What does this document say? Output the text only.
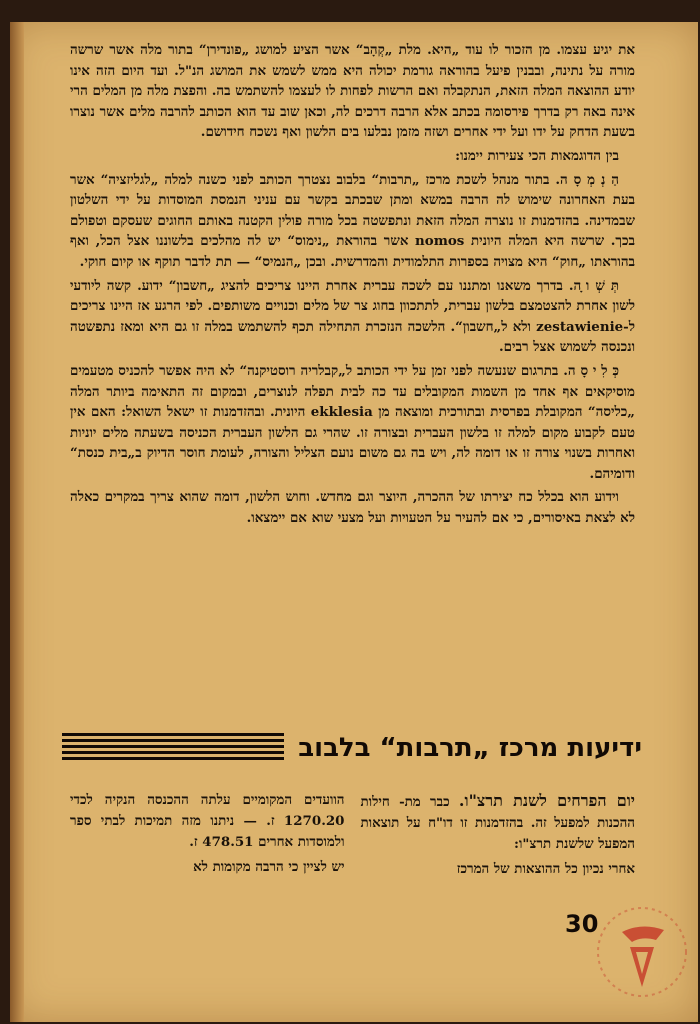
את יגיע עצמו. מן הזכור לו עוד „היא. מלת „קְהָב“ אשר הציע למושג „פונדירן“ בתור מלה אשר שרשה מורה על נתינה, ובבנין פיעל בהוראה גורמת יכולה היא ממש לשמש את המושג הנ"ל. ועד היום הזה אינו יודע ההוצאה המלה הזאת, הנתקבלה ואם הרשות לפחות לו לעצמו להשתמש בה. והפצת מלה מן המלים הרי אינה באה רק בדרך פירסומה בכתב אלא הרבה דרכים לה, וכאן שוב עד הוא הכותב להרבה מלים אשר נוצרו בשעת הדחק על ידו ועל ידי אחרים ושזה מזמן נבלעו בים הלשון ואף נשכח חידושם.

בין הדוגמאות הכי צעירות יימנו:

הַ נְ מְ סָ ה. בתור מנהל לשכת מרכז „תרבות“ בלבוב נצטרך הכותב לפני כשנה למלה „לגליזציה“ אשר בעת האחרונה שימוש לה הרבה במשא ומתן שבכתב בקשר עם עניני הנמסת המוסדות על ידי השלטון שבמדינה. בהזדמנות זו נוצרה המלה הזאת ונתפשטה בכל מורה פולין הקטנה באותם החוגים שעסקם וטפולם בכך. שרשה היא המלה היונית nomos אשר בהוראת „נימוס“ יש לה מהלכים בלשוננו אצל הכל, ואף בהוראתו „חוק“ היא מצויה בספרות התלמודית והמדרשית. ובכן „הנמיס“ — תת לדבר תוקף או קיום חוקי.

תְּ שְׁ ו ָה. בדרך משאנו ומתננו עם לשכה עברית אחרת היינו צריכים להציג „חשבון“ ידוע. קשה ליודעי לשון אחרת להצטמצם בלשון עברית, לתתכוון בחוג צר של מלים וכנויים משותפים. לפי הרגע אז היינו צריכים ל-zestawienie ולא ל„חשבון“. הלשכה הנזכרת התחילה תכף להשתמש במלה זו גם היא ומאז נתפשטה ונכנסה לשמוש אצל רבים.

כְּ לִ י סָ ה. בתרגום שנעשה לפני זמן על ידי הכותב ל„קבלריה רוסטיקנה“ לא היה אפשר להכניס מטעמים מוסיקאים אף אחד מן השמות המקובלים עד כה לבית תפלה לנוצרים, ובמקום זה התאימה ביותר המלה „כליסה“ המקובלת בפרסית ובתורכית ומוצאה מן ekklesia היונית. ובהזדמנות זו ישאל השואל: האם אין טעם לקבוע מקום למלה זו בלשון העברית ובצורה זו. שהרי גם הלשון העברית הכניסה בשעתה מלים יוניות ואחרות בשנוי צורה זו או דומה לה, ויש בה גם משום נועם הצליל והצורה, לעומת חוסר הדיוק ב„בית כנסת“ ודומיהם.

וידוע הוא בכלל כח יצירתו של ההכרה, היוצר וגם מחדש. וחוש הלשון, דומה שהוא צריך במקרים כאלה לא לצאת באיסורים, כי אם להעיר על הטעויות ועל מצעי שוא אם יימצאו.

ידיעות מרכז „תרבות“ בלבוב

הוועדים המקומיים עלתה ההכנסה הנקיה לכדי 1270.20 ז. — ניתנו מזה תמיכות לבתי ספר ולמוסדות אחרים 478.51 ז.

יש לציין כי הרבה מקומות לא

יום הפרחים לשנת תרצ"ו. כבר מת- חילות ההכנות למפעל זה. בהזדמנות זו דו"ח על תוצאות המפעל שלשנת תרצ"ו:

אחרי נכיון כל ההוצאות של המרכז

30
